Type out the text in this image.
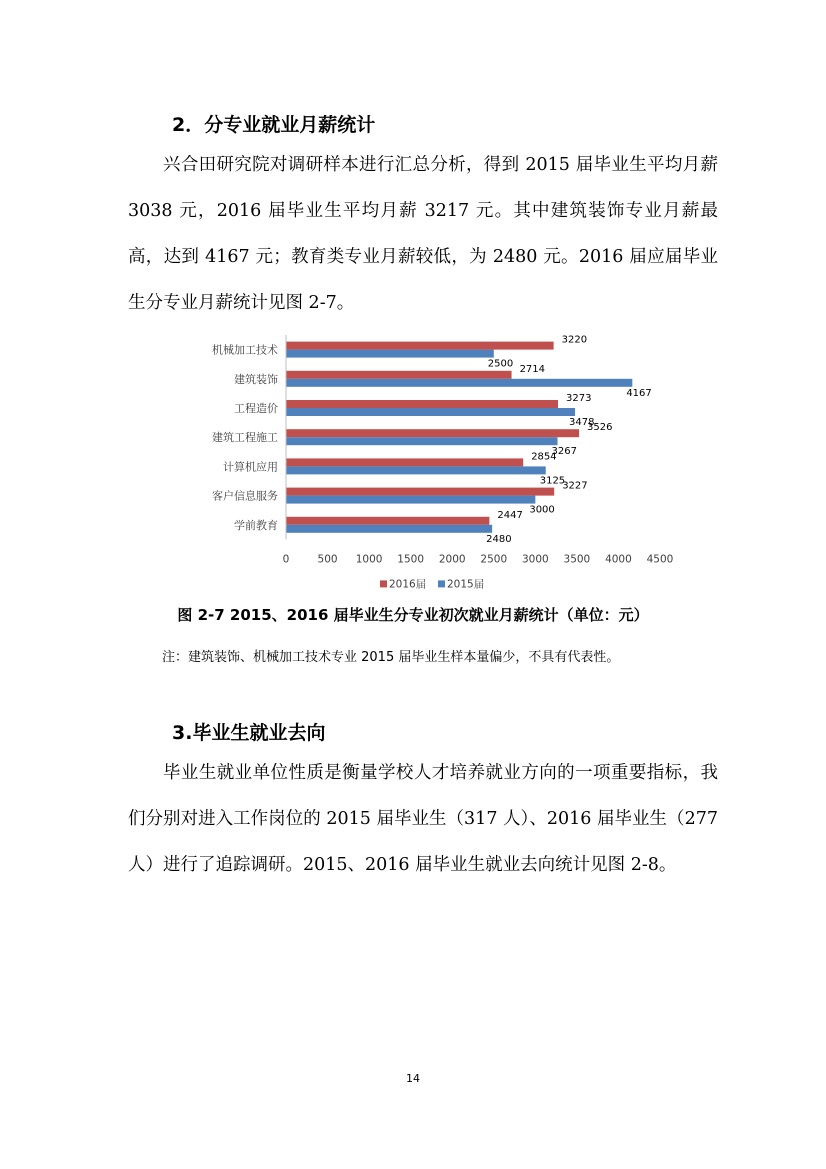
2．分专业就业月薪统计

兴合田研究院对调研样本进行汇总分析，得到 2015 届毕业生平均月薪 3038 元，2016 届毕业生平均月薪 3217 元。其中建筑装饰专业月薪最高，达到 4167 元；教育类专业月薪较低，为 2480 元。2016 届应届毕业生分专业月薪统计见图 2-7。

机械加工技术
3220
2500
建筑装饰
2714
4167
工程造价
3273
3478
建筑工程施工
3526
3267
计算机应用
2854
3125
客户信息服务
3227
3000
学前教育
2447
2480
0	500 1000 1500 2000 2500 3000 3500 4000 4500
2016届 2015届
图 2-7 2015、2016 届毕业生分专业初次就业月薪统计（单位：元）
注：建筑装饰、机械加工技术专业 2015 届毕业生样本量偏少，不具有代表性。
3.毕业生就业去向

毕业生就业单位性质是衡量学校人才培养就业方向的一项重要指标，我们分别对进入工作岗位的 2015 届毕业生（317 人）、2016 届毕业生（277 人）进行了追踪调研。2015、2016 届毕业生就业去向统计见图 2-8。

14
